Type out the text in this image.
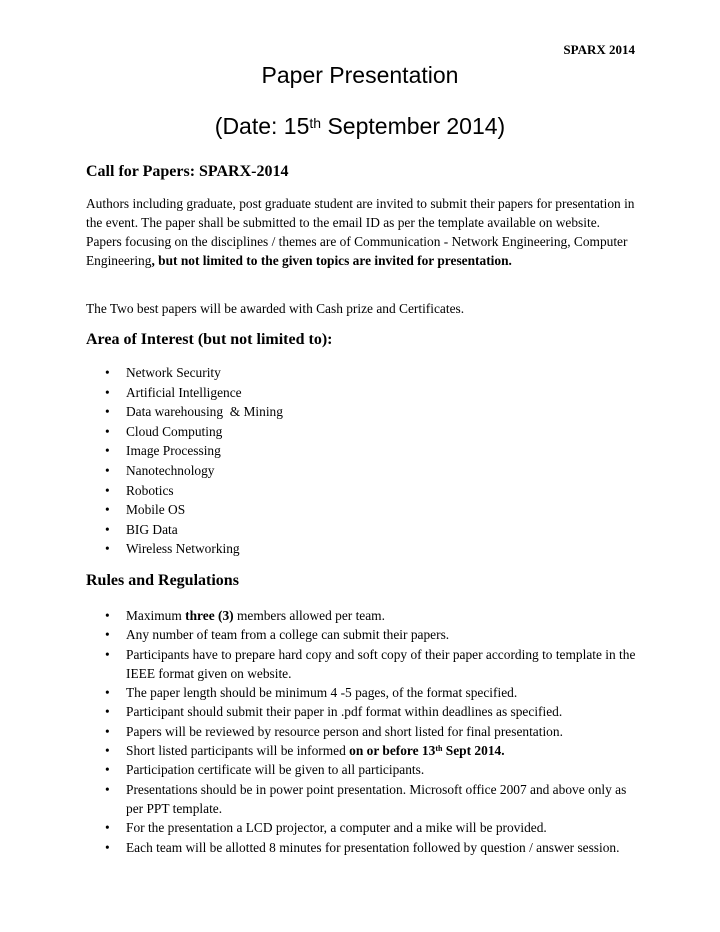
SPARX 2014
Paper Presentation
(Date: 15th September 2014)
Call for Papers: SPARX-2014

Authors including graduate, post graduate student are invited to submit their papers for presentation in the event. The paper shall be submitted to the email ID as per the template available on website. Papers focusing on the disciplines / themes are of Communication - Network Engineering, Computer Engineering, but not limited to the given topics are invited for presentation.

The Two best papers will be awarded with Cash prize and Certificates.

Area of Interest (but not limited to):
• Network Security
• Artificial Intelligence
• Data warehousing  & Mining
• Cloud Computing
• Image Processing
• Nanotechnology
• Robotics
• Mobile OS
• BIG Data
• Wireless Networking
Rules and Regulations
• Maximum three (3) members allowed per team.
• Any number of team from a college can submit their papers.
• Participants have to prepare hard copy and soft copy of their paper according to template in the IEEE format given on website.
• The paper length should be minimum 4 -5 pages, of the format specified.
• Participant should submit their paper in .pdf format within deadlines as specified.
• Papers will be reviewed by resource person and short listed for final presentation.
• Short listed participants will be informed on or before 13th Sept 2014.
• Participation certificate will be given to all participants.
• Presentations should be in power point presentation. Microsoft office 2007 and above only as per PPT template.
• For the presentation a LCD projector, a computer and a mike will be provided.
• Each team will be allotted 8 minutes for presentation followed by question / answer session.
